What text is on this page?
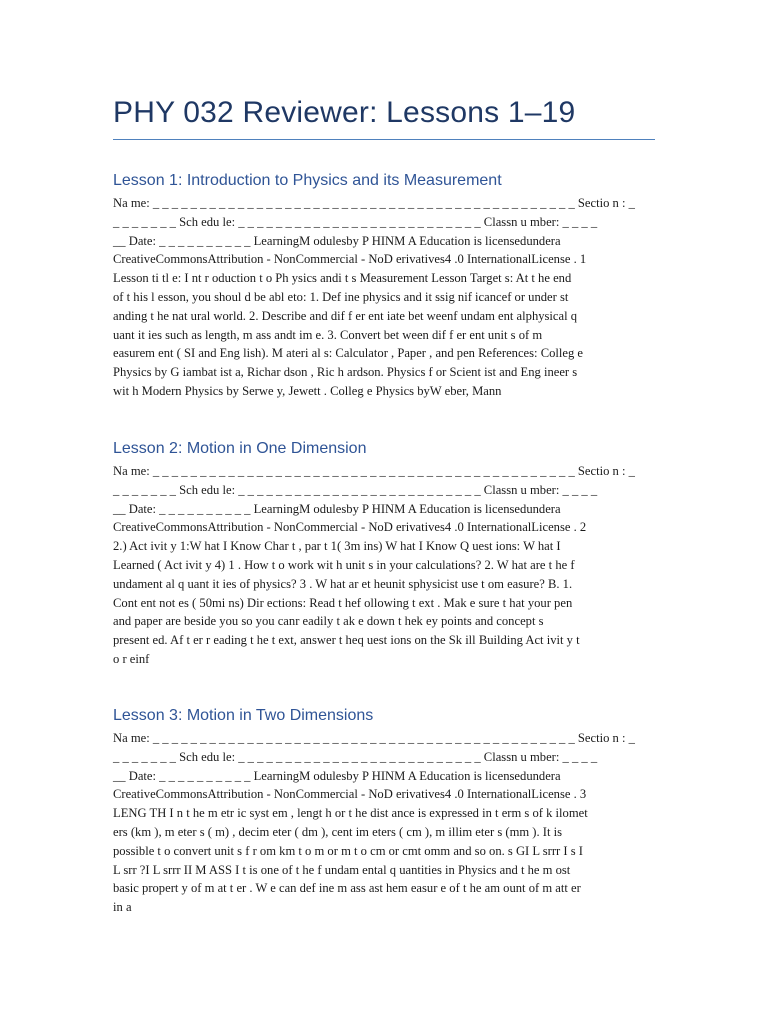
PHY 032 Reviewer: Lessons 1–19
Lesson 1: Introduction to Physics and its Measurement

Na me: _ _ _ _ _ _ _ _ _ _ _ _ _ _ _ _ _ _ _ _ _ _ _ _ _ _ _ _ _ _ _ _ _ _ _ _ _ _ _ _ _ _ _ _ _ Sectio n : _
_ _ _ _ _ _ _ Sch edu le: _ _ _ _ _ _ _ _ _ _ _ _ _ _ _ _ _ _ _ _ _ _ _ _ _ _ Classn u mber: _ _ _ _
__ Date: _ _ _ _ _ _ _ _ _ _ LearningM odulesby P HINM A Education is licensedundera
CreativeCommonsAttribution - NonCommercial - NoD erivatives4 .0 InternationalLicense . 1
Lesson ti tl e: I nt r oduction t o Ph ysics andi t s Measurement Lesson Target s: At t he end
of t his l esson, you shoul d be abl eto: 1. Def ine physics and it ssig nif icancef or under st
anding t he nat ural world. 2. Describe and dif f er ent iate bet weenf undam ent alphysical q
uant it ies such as length, m ass andt im e. 3. Convert bet ween dif f er ent unit s of m
easurem ent ( SI and Eng lish). M ateri al s: Calculator , Paper , and pen References: Colleg e
Physics by G iambat ist a, Richar dson , Ric h ardson. Physics f or Scient ist and Eng ineer s
wit h Modern Physics by Serwe y, Jewett . Colleg e Physics byW eber, Mann

Lesson 2: Motion in One Dimension

Na me: _ _ _ _ _ _ _ _ _ _ _ _ _ _ _ _ _ _ _ _ _ _ _ _ _ _ _ _ _ _ _ _ _ _ _ _ _ _ _ _ _ _ _ _ _ Sectio n : _
_ _ _ _ _ _ _ Sch edu le: _ _ _ _ _ _ _ _ _ _ _ _ _ _ _ _ _ _ _ _ _ _ _ _ _ _ Classn u mber: _ _ _ _
__ Date: _ _ _ _ _ _ _ _ _ _ LearningM odulesby P HINM A Education is licensedundera
CreativeCommonsAttribution - NonCommercial - NoD erivatives4 .0 InternationalLicense . 2
2.) Act ivit y 1:W hat I Know Char t , par t 1( 3m ins) W hat I Know Q uest ions: W hat I
Learned ( Act ivit y 4) 1 . How t o work wit h unit s in your calculations? 2. W hat are t he f
undament al q uant it ies of physics? 3 . W hat ar et heunit sphysicist use t om easure? B. 1.
Cont ent not es ( 50mi ns) Dir ections: Read t hef ollowing t ext . Mak e sure t hat your pen
and paper are beside you so you canr eadily t ak e down t hek ey points and concept s
present ed. Af t er r eading t he t ext, answer t heq uest ions on the Sk ill Building Act ivit y t
o r einf

Lesson 3: Motion in Two Dimensions

Na me: _ _ _ _ _ _ _ _ _ _ _ _ _ _ _ _ _ _ _ _ _ _ _ _ _ _ _ _ _ _ _ _ _ _ _ _ _ _ _ _ _ _ _ _ _ Sectio n : _
_ _ _ _ _ _ _ Sch edu le: _ _ _ _ _ _ _ _ _ _ _ _ _ _ _ _ _ _ _ _ _ _ _ _ _ _ Classn u mber: _ _ _ _
__ Date: _ _ _ _ _ _ _ _ _ _ LearningM odulesby P HINM A Education is licensedundera
CreativeCommonsAttribution - NonCommercial - NoD erivatives4 .0 InternationalLicense . 3
LENG TH I n t he m etr ic syst em , lengt h or t he dist ance is expressed in t erm s of k ilomet
ers (km ), m eter s ( m) , decim eter ( dm ), cent im eters ( cm ), m illim eter s (mm ). It is
possible t o convert unit s f r om km t o m or m t o cm or cmt omm and so on. s GI L srrr I s I
L srr ?I L srrr II M ASS I t is one of t he f undam ental q uantities in Physics and t he m ost
basic propert y of m at t er . W e can def ine m ass ast hem easur e of t he am ount of m att er
in a
